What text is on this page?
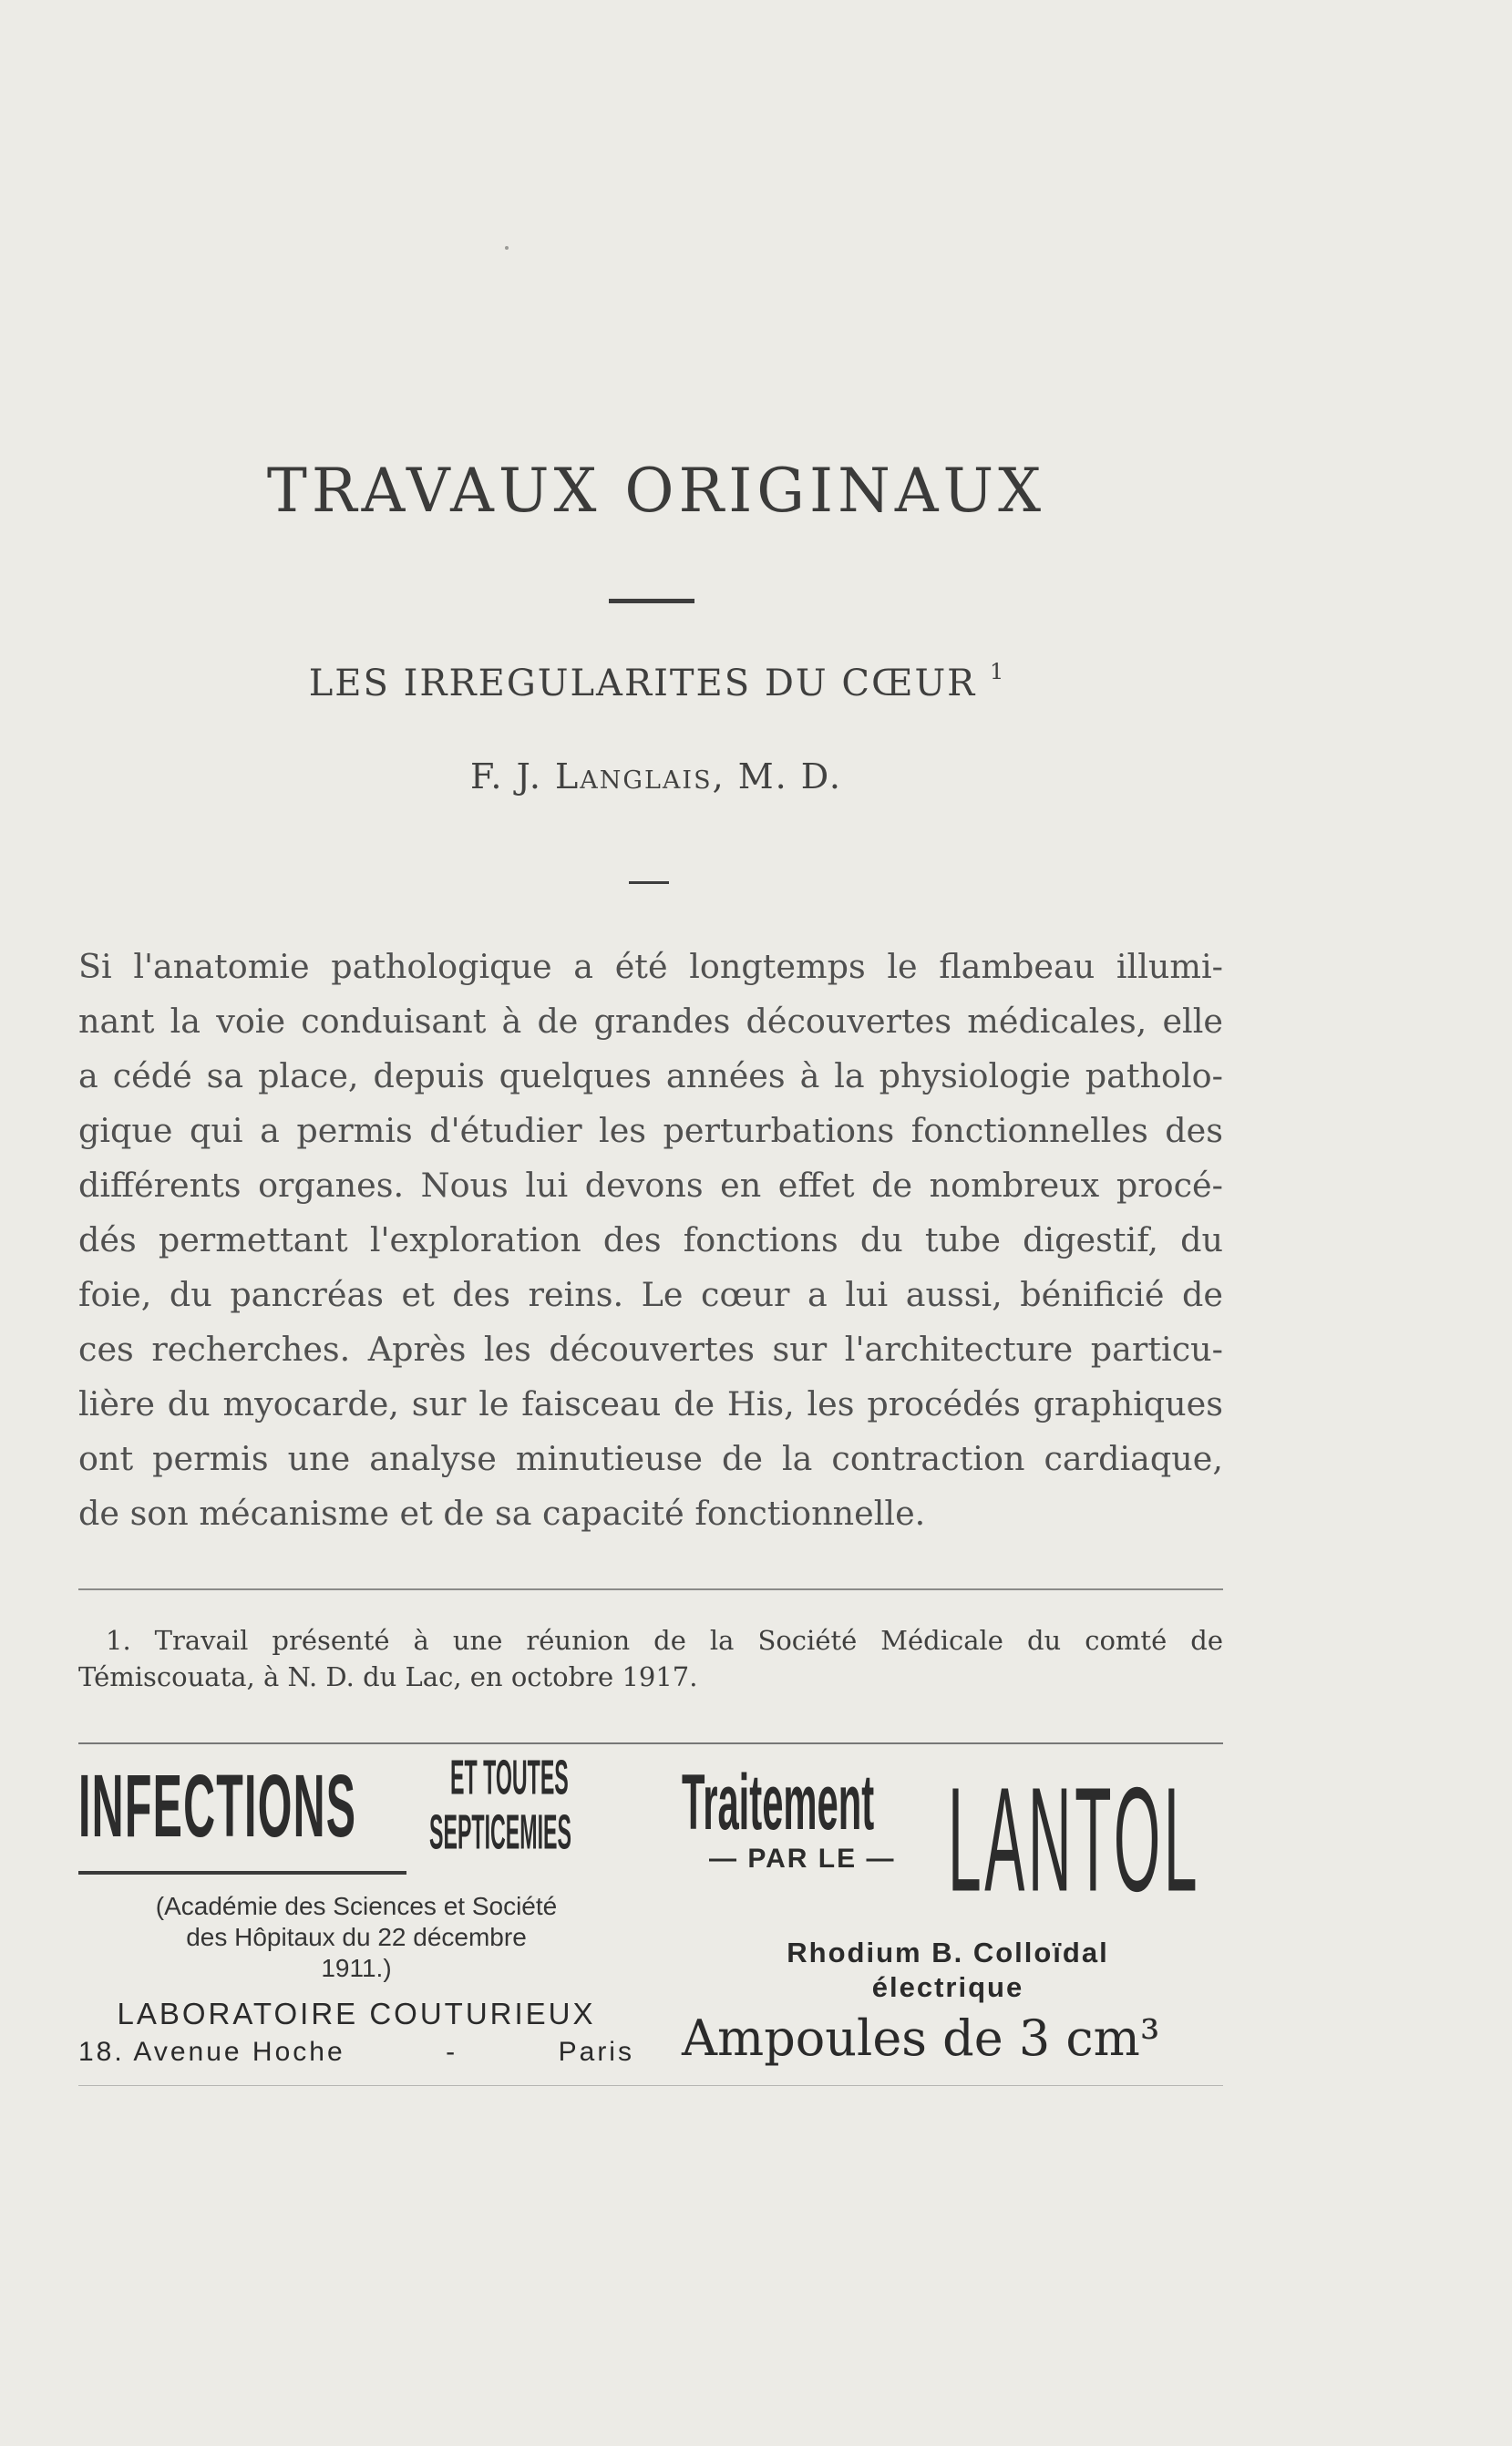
TRAVAUX ORIGINAUX
LES IRREGULARITES DU CŒUR $^1$
F. J. Langlais, M. D.
Si l'anatomie pathologique a été longtemps le flambeau illumi-
nant la voie conduisant à de grandes découvertes médicales, elle
a cédé sa place, depuis quelques années à la physiologie patholo-
gique qui a permis d'étudier les perturbations fonctionnelles des
différents organes. Nous lui devons en effet de nombreux procé-
dés permettant l'exploration des fonctions du tube digestif, du
foie, du pancréas et des reins. Le cœur a lui aussi, bénificié de
ces recherches. Après les découvertes sur l'architecture particu-
lière du myocarde, sur le faisceau de His, les procédés graphiques
ont permis une analyse minutieuse de la contraction cardiaque,
de son mécanisme et de sa capacité fonctionnelle.
1. Travail présenté à une réunion de la Société Médicale du comté de
Témiscouata, à N. D. du Lac, en octobre 1917.
INFECTIONS	ET TOUTES
SEPTICEMIES
(Académie des Sciences et Société
des Hôpitaux du 22 décembre
1911.)
LABORATOIRE COUTURIEUX
18. Avenue Hoche	-	Paris
Traitement
— PAR LE — LANTOL
Rhodium B. Colloïdal
électrique
Ampoules de 3 cm³
